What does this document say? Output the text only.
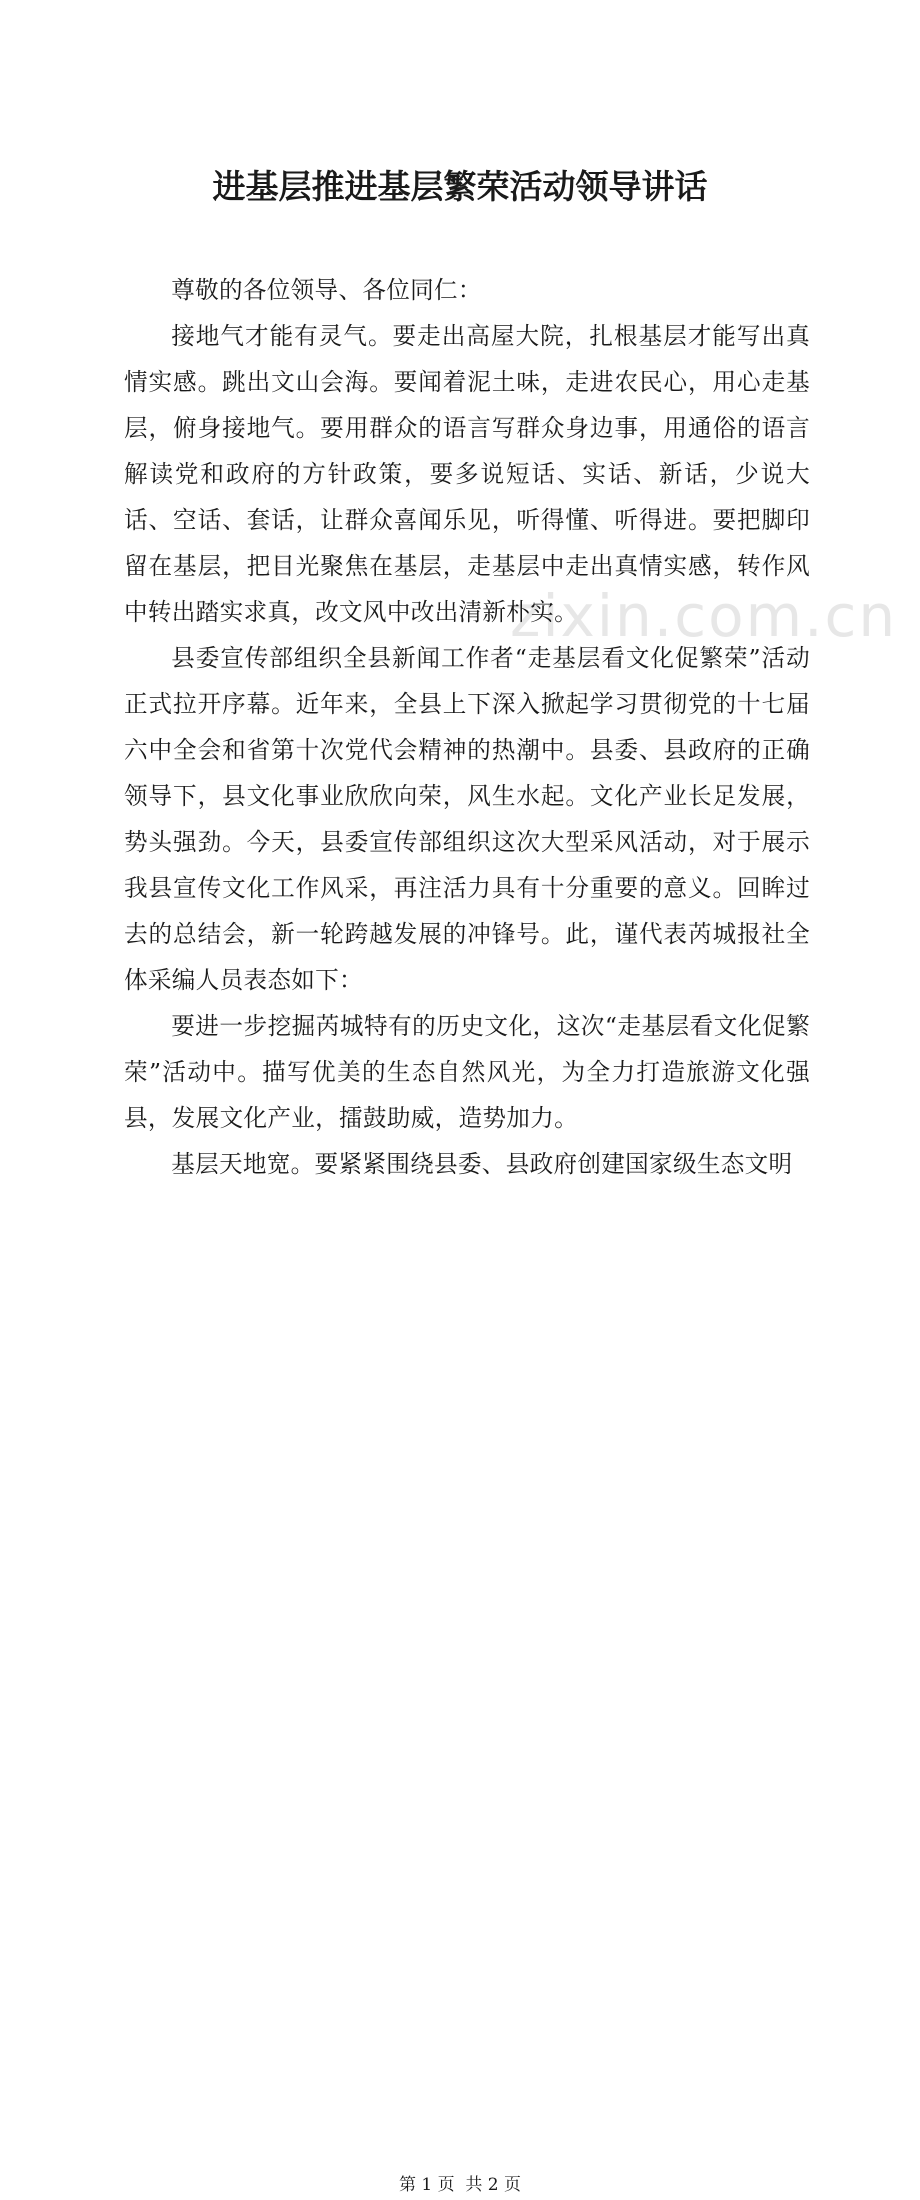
zixin.com.cn
进基层推进基层繁荣活动领导讲话

尊敬的各位领导、各位同仁：

接地气才能有灵气。要走出高屋大院，扎根基层才能写出真情实感。跳出文山会海。要闻着泥土味，走进农民心，用心走基层，俯身接地气。要用群众的语言写群众身边事，用通俗的语言解读党和政府的方针政策，要多说短话、实话、新话，少说大话、空话、套话，让群众喜闻乐见，听得懂、听得进。要把脚印留在基层，把目光聚焦在基层，走基层中走出真情实感，转作风中转出踏实求真，改文风中改出清新朴实。

县委宣传部组织全县新闻工作者“走基层看文化促繁荣”活动正式拉开序幕。近年来，全县上下深入掀起学习贯彻党的十七届六中全会和省第十次党代会精神的热潮中。县委、县政府的正确领导下，县文化事业欣欣向荣，风生水起。文化产业长足发展，势头强劲。今天，县委宣传部组织这次大型采风活动，对于展示我县宣传文化工作风采，再注活力具有十分重要的意义。回眸过去的总结会，新一轮跨越发展的冲锋号。此，谨代表芮城报社全体采编人员表态如下：

要进一步挖掘芮城特有的历史文化，这次“走基层看文化促繁荣”活动中。描写优美的生态自然风光，为全力打造旅游文化强县，发展文化产业，擂鼓助威，造势加力。

基层天地宽。要紧紧围绕县委、县政府创建国家级生态文明

第 1 页  共 2 页
